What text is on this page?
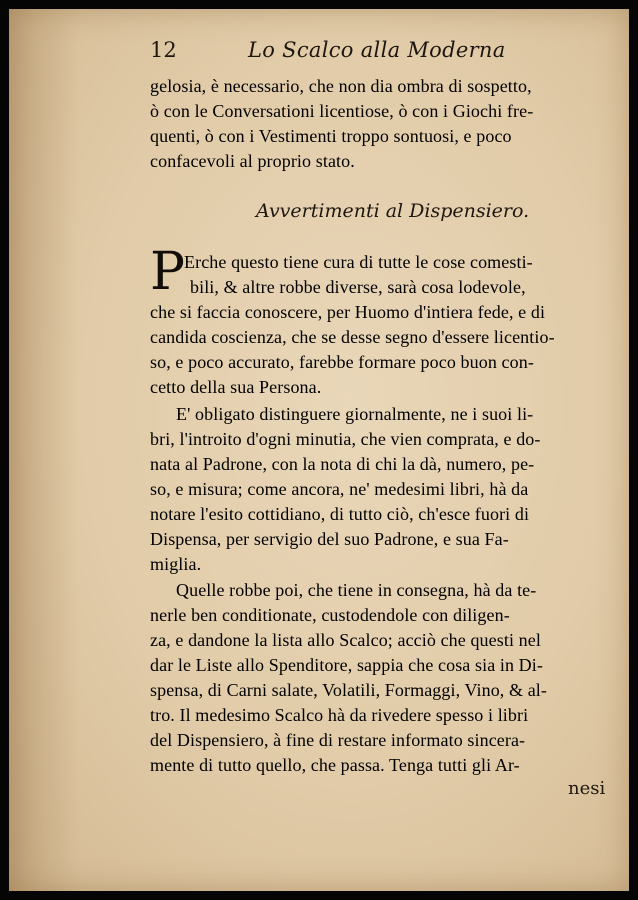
12	Lo Scalco alla Moderna
gelosia, è necessario, che non dia ombra di sospetto,
ò con le Conversationi licentiose, ò con i Giochi fre-
quenti, ò con i Vestimenti troppo sontuosi, e poco
confacevoli al proprio stato.
Avvertimenti al Dispensiero.
P Erche questo tiene cura di tutte le cose comesti-
bili, & altre robbe diverse, sarà cosa lodevole,
che si faccia conoscere, per Huomo d'intiera fede, e di
candida coscienza, che se desse segno d'essere licentio-
so, e poco accurato, farebbe formare poco buon con-
cetto della sua Persona.
E' obligato distinguere giornalmente, ne i suoi li-
bri, l'introito d'ogni minutia, che vien comprata, e do-
nata al Padrone, con la nota di chi la dà, numero, pe-
so, e misura; come ancora, ne' medesimi libri, hà da
notare l'esito cottidiano, di tutto ciò, ch'esce fuori di
Dispensa, per servigio del suo Padrone, e sua Fa-
miglia.
Quelle robbe poi, che tiene in consegna, hà da te-
nerle ben conditionate, custodendole con diligen-
za, e dandone la lista allo Scalco; acciò che questi nel
dar le Liste allo Spenditore, sappia che cosa sia in Di-
spensa, di Carni salate, Volatili, Formaggi, Vino, & al-
tro. Il medesimo Scalco hà da rivedere spesso i libri
del Dispensiero, à fine di restare informato sincera-
mente di tutto quello, che passa. Tenga tutti gli Ar-
nesi
